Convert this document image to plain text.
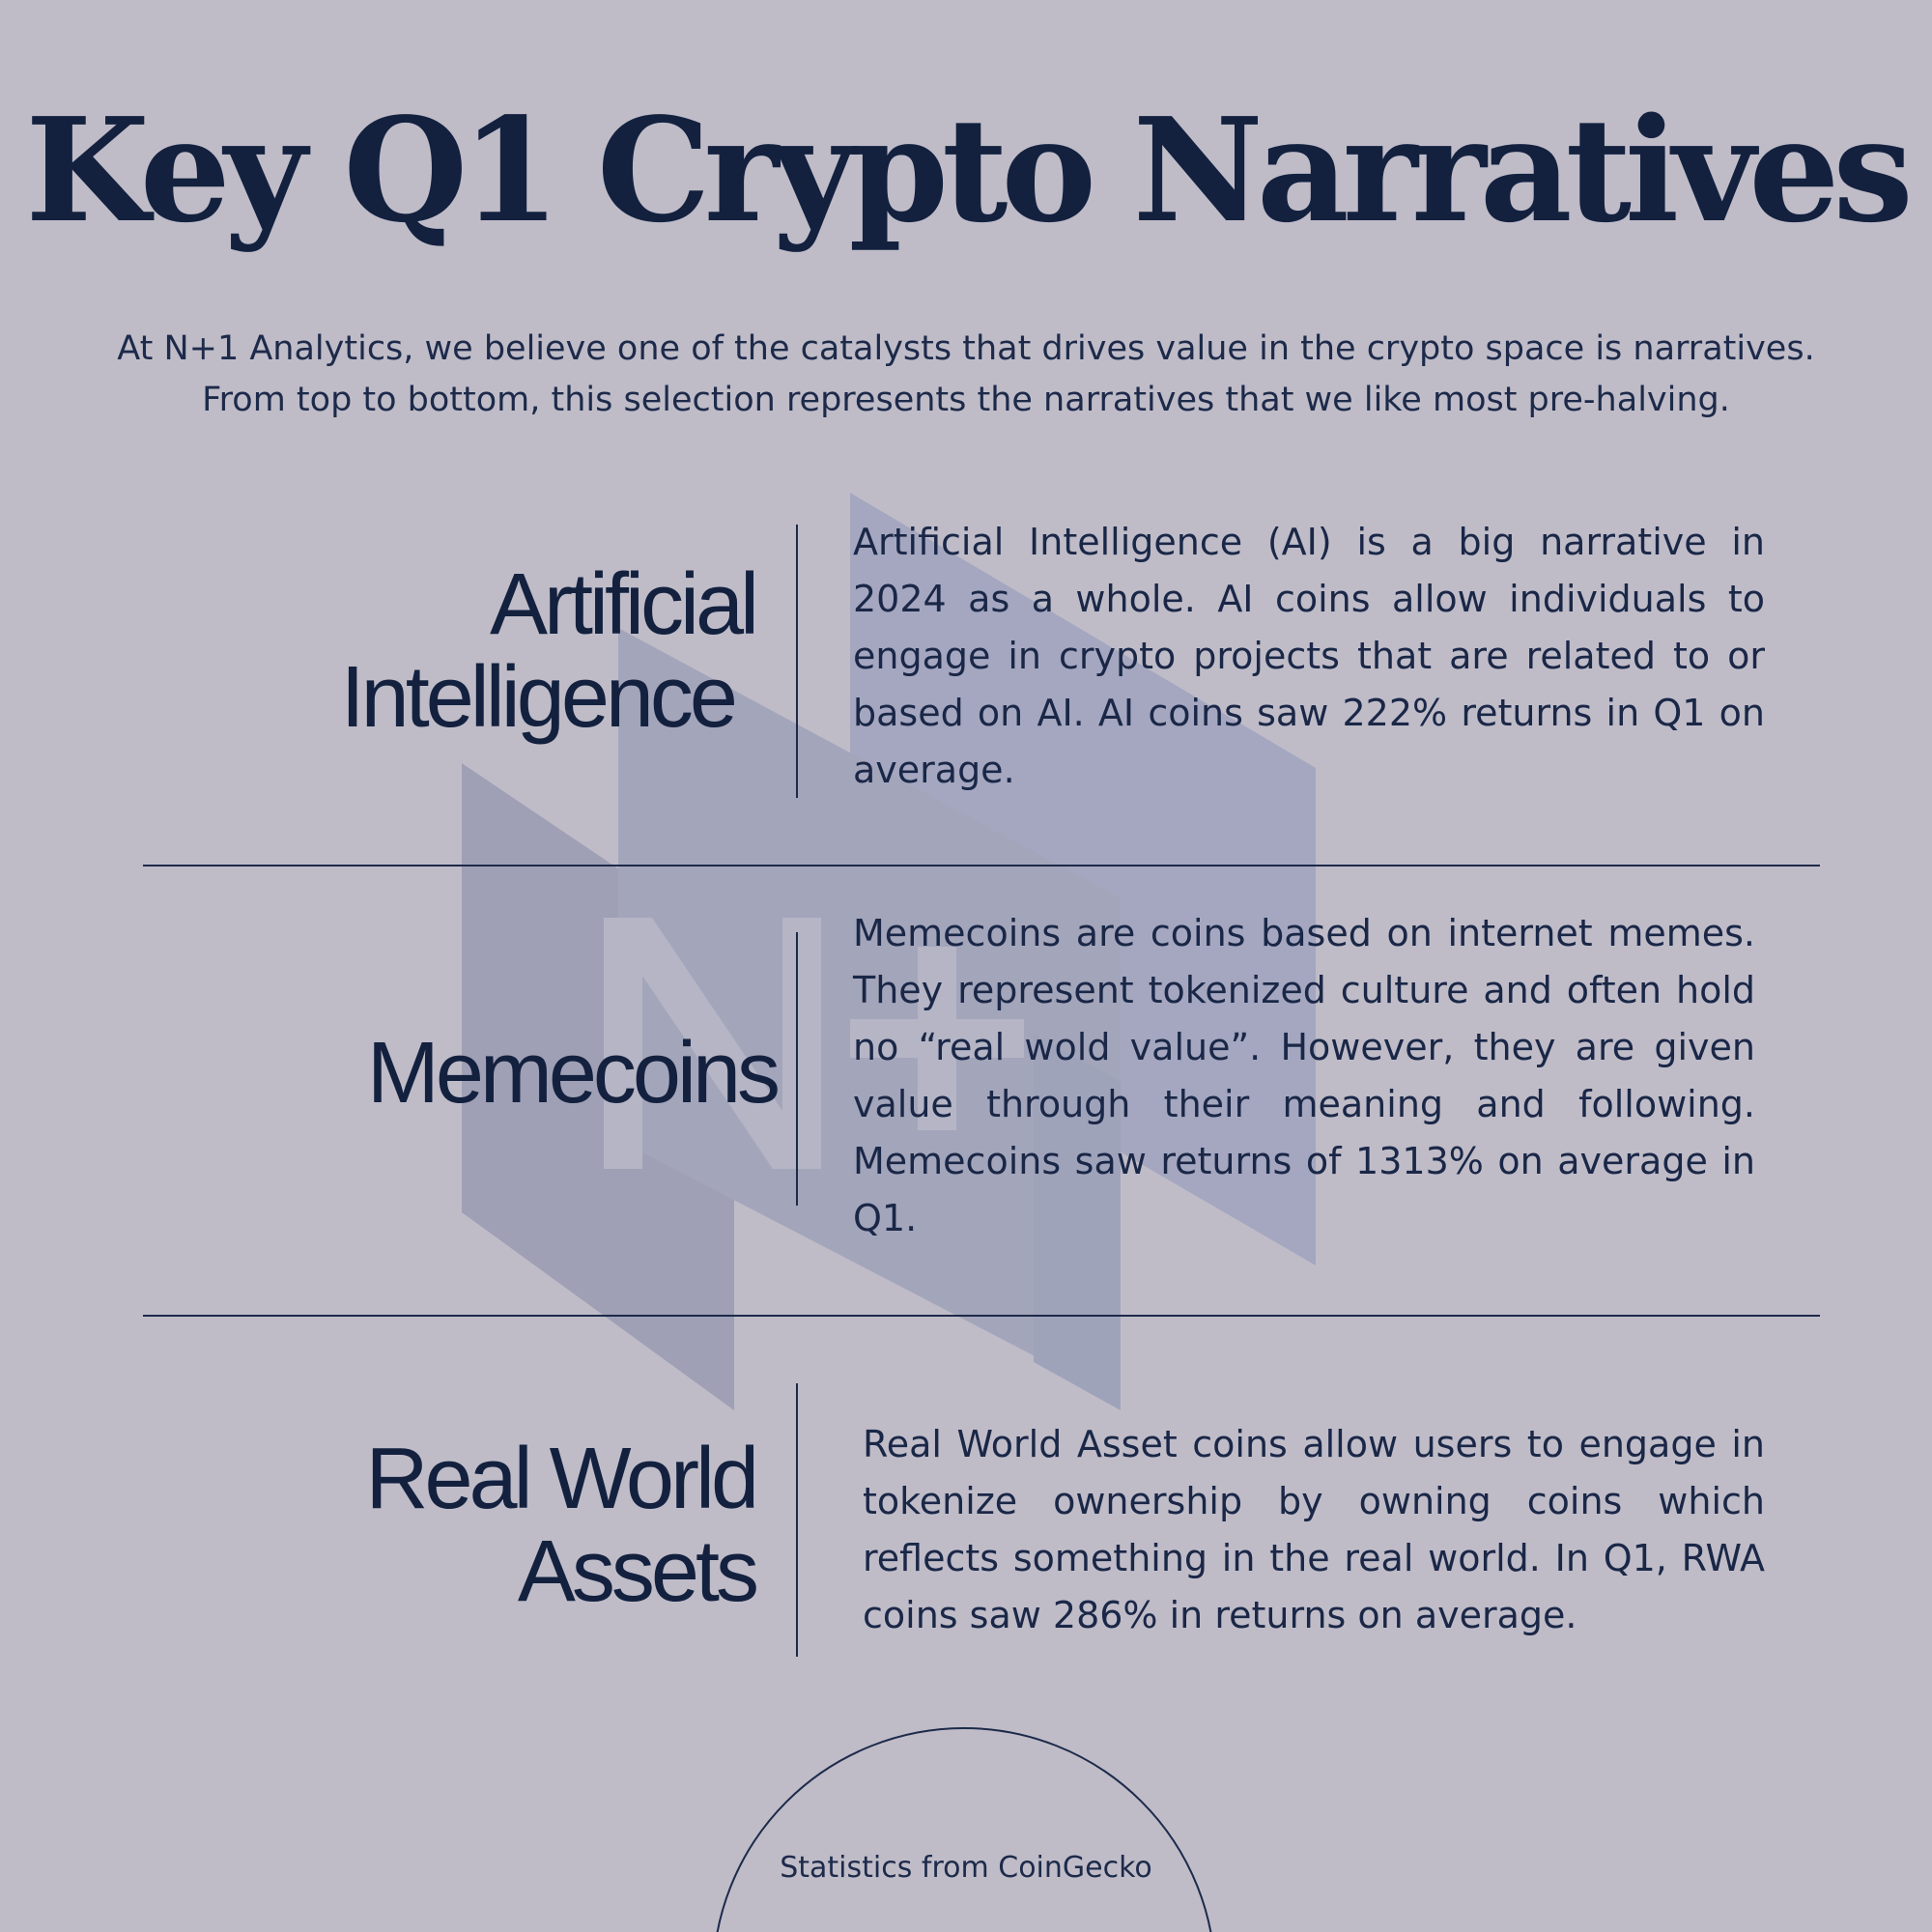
Key Q1 Crypto Narratives

At N+1 Analytics, we believe one of the catalysts that drives value in the crypto space is narratives.

From top to bottom, this selection represents the narratives that we like most pre-halving.

Artificial
Intelligence
Artificial Intelligence (AI) is a big narrative in 2024 as a whole. AI coins allow individuals to engage in crypto projects that are related to or based on AI. AI coins saw 222% returns in Q1 on average.
Memecoins
Memecoins are coins based on internet memes. They represent tokenized culture and often hold no “real wold value”. However, they are given value through their meaning and following. Memecoins saw returns of 1313% on average in Q1.
Real World
Assets
Real World Asset coins allow users to engage in tokenize ownership by owning coins which reflects something in the real world. In Q1, RWA coins saw 286% in returns on average.
Statistics from CoinGecko
